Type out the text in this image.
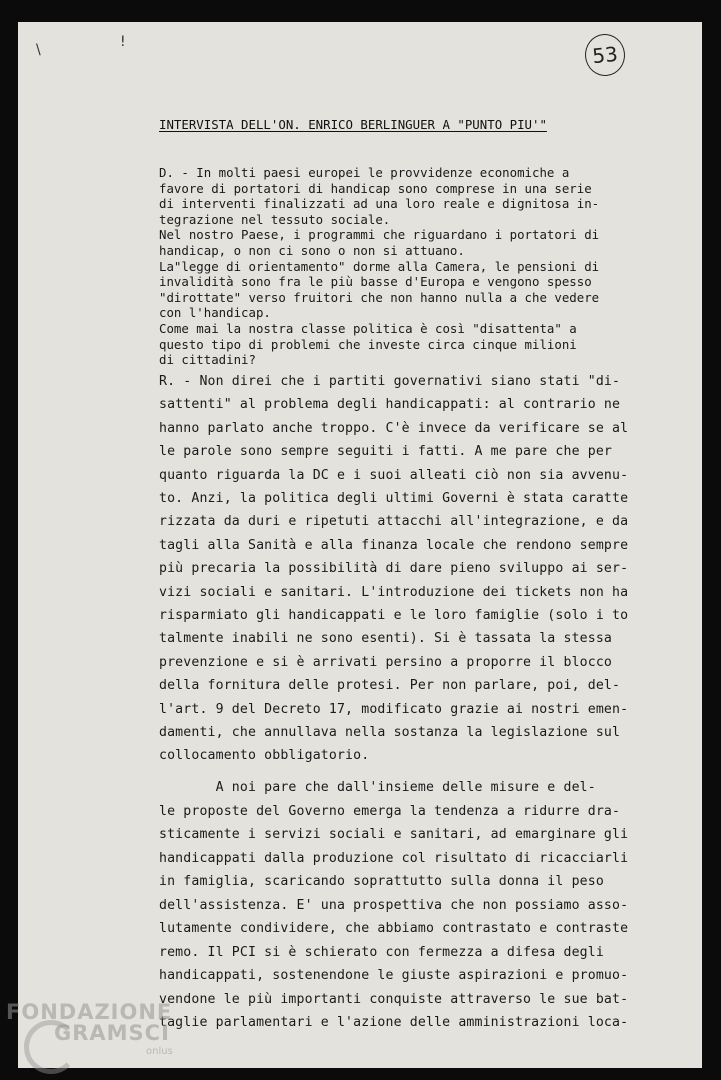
\	!	53
INTERVISTA DELL'ON. ENRICO BERLINGUER A "PUNTO PIU'"
D. - In molti paesi europei le provvidenze economiche a
favore di portatori di handicap sono comprese in una serie
di interventi finalizzati ad una loro reale e dignitosa in-
tegrazione nel tessuto sociale.
Nel nostro Paese, i programmi che riguardano i portatori di
handicap, o non ci sono o non si attuano.
La"legge di orientamento" dorme alla Camera, le pensioni di
invalidità sono fra le più basse d'Europa e vengono spesso
"dirottate" verso fruitori che non hanno nulla a che vedere
con l'handicap.
Come mai la nostra classe politica è così "disattenta" a
questo tipo di problemi che investe circa cinque milioni
di cittadini?
R. - Non direi che i partiti governativi siano stati "di-
sattenti" al problema degli handicappati: al contrario ne
hanno parlato anche troppo. C'è invece da verificare se al
le parole sono sempre seguiti i fatti. A me pare che per
quanto riguarda la DC e i suoi alleati ciò non sia avvenu-
to. Anzi, la politica degli ultimi Governi è stata caratte
rizzata da duri e ripetuti attacchi all'integrazione, e da
tagli alla Sanità e alla finanza locale che rendono sempre
più precaria la possibilità di dare pieno sviluppo ai ser-
vizi sociali e sanitari. L'introduzione dei tickets non ha
risparmiato gli handicappati e le loro famiglie (solo i to
talmente inabili ne sono esenti). Si è tassata la stessa
prevenzione e si è arrivati persino a proporre il blocco
della fornitura delle protesi. Per non parlare, poi, del-
l'art. 9 del Decreto 17, modificato grazie ai nostri emen-
damenti, che annullava nella sostanza la legislazione sul
collocamento obbligatorio.
A noi pare che dall'insieme delle misure e del-
le proposte del Governo emerga la tendenza a ridurre dra-
sticamente i servizi sociali e sanitari, ad emarginare gli
handicappati dalla produzione col risultato di ricacciarli
in famiglia, scaricando soprattutto sulla donna il peso
dell'assistenza. E' una prospettiva che non possiamo asso-
lutamente condividere, che abbiamo contrastato e contraste
remo. Il PCI si è schierato con fermezza a difesa degli
handicappati, sostenendone le giuste aspirazioni e promuo-
vendone le più importanti conquiste attraverso le sue bat-
taglie parlamentari e l'azione delle amministrazioni loca-
FONDAZIONE
GRAMSCI
onlus
